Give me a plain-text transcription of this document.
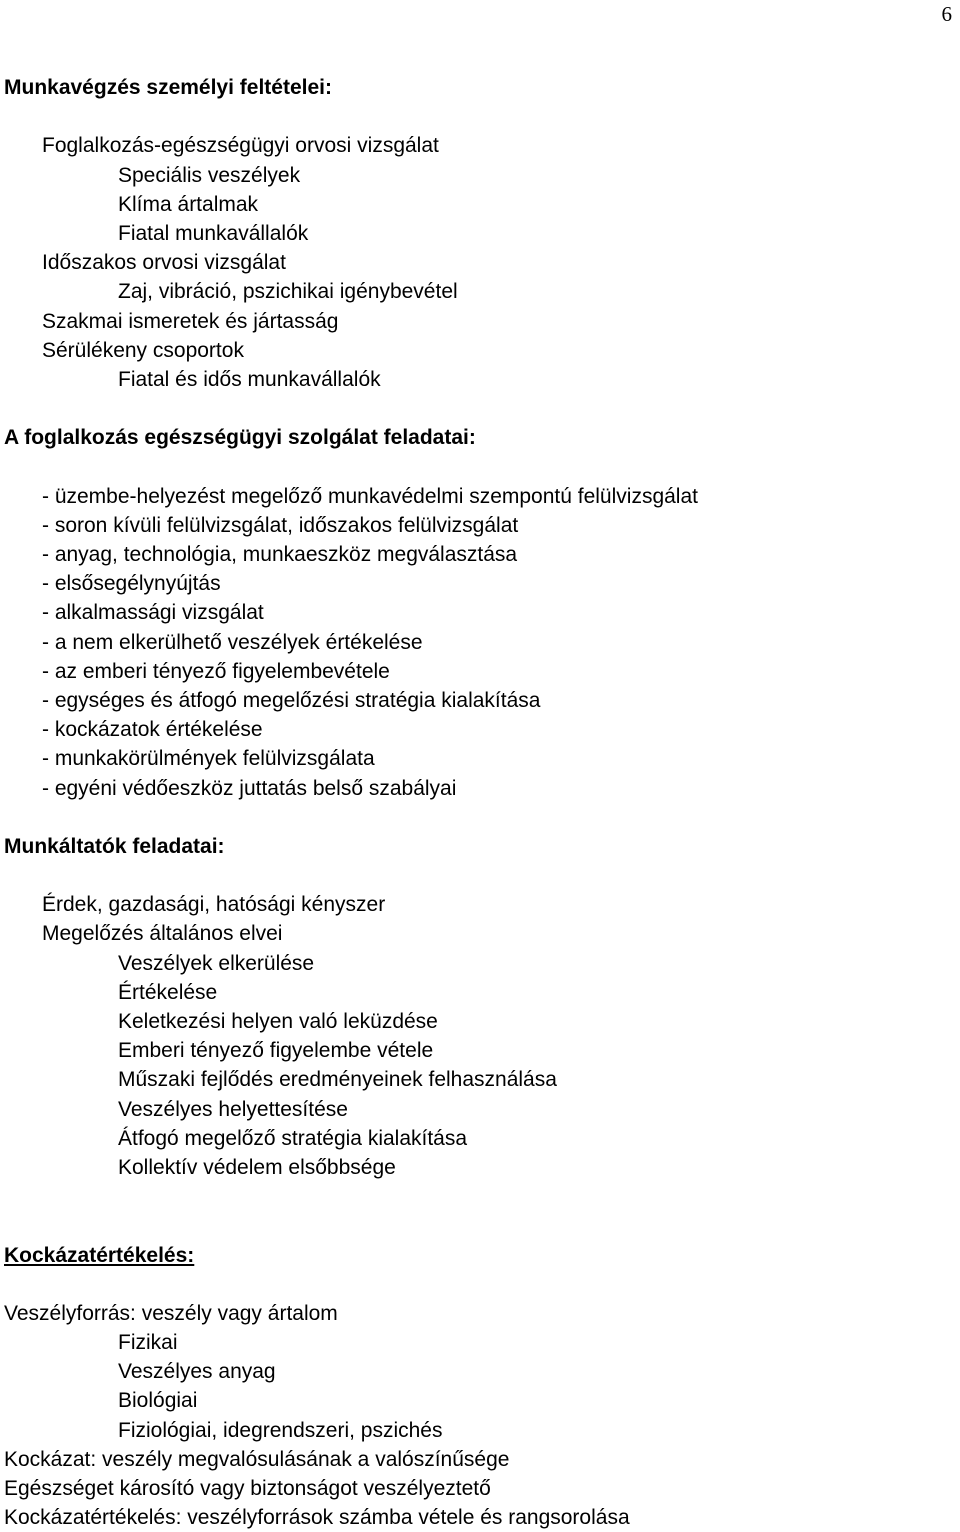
6
Munkavégzés személyi feltételei:
Foglalkozás-egészségügyi orvosi vizsgálat
Speciális veszélyek
Klíma ártalmak
Fiatal munkavállalók
Időszakos orvosi vizsgálat
Zaj, vibráció, pszichikai igénybevétel
Szakmai ismeretek és jártasság
Sérülékeny csoportok
Fiatal és idős munkavállalók
A foglalkozás egészségügyi szolgálat feladatai:
- üzembe-helyezést megelőző munkavédelmi szempontú felülvizsgálat
- soron kívüli felülvizsgálat, időszakos felülvizsgálat
- anyag, technológia, munkaeszköz megválasztása
- elsősegélynyújtás
- alkalmassági vizsgálat
- a nem elkerülhető veszélyek értékelése
- az emberi tényező figyelembevétele
- egységes és átfogó megelőzési stratégia kialakítása
- kockázatok értékelése
- munkakörülmények felülvizsgálata
- egyéni védőeszköz juttatás belső szabályai
Munkáltatók feladatai:
Érdek, gazdasági, hatósági kényszer
Megelőzés általános elvei
Veszélyek elkerülése
Értékelése
Keletkezési helyen való leküzdése
Emberi tényező figyelembe vétele
Műszaki fejlődés eredményeinek felhasználása
Veszélyes helyettesítése
Átfogó megelőző stratégia kialakítása
Kollektív védelem elsőbbsége
Kockázatértékelés:
Veszélyforrás: veszély vagy ártalom
Fizikai
Veszélyes anyag
Biológiai
Fiziológiai, idegrendszeri, pszichés
Kockázat: veszély megvalósulásának a valószínűsége
Egészséget károsító vagy biztonságot veszélyeztető
Kockázatértékelés: veszélyforrások számba vétele és rangsorolása
